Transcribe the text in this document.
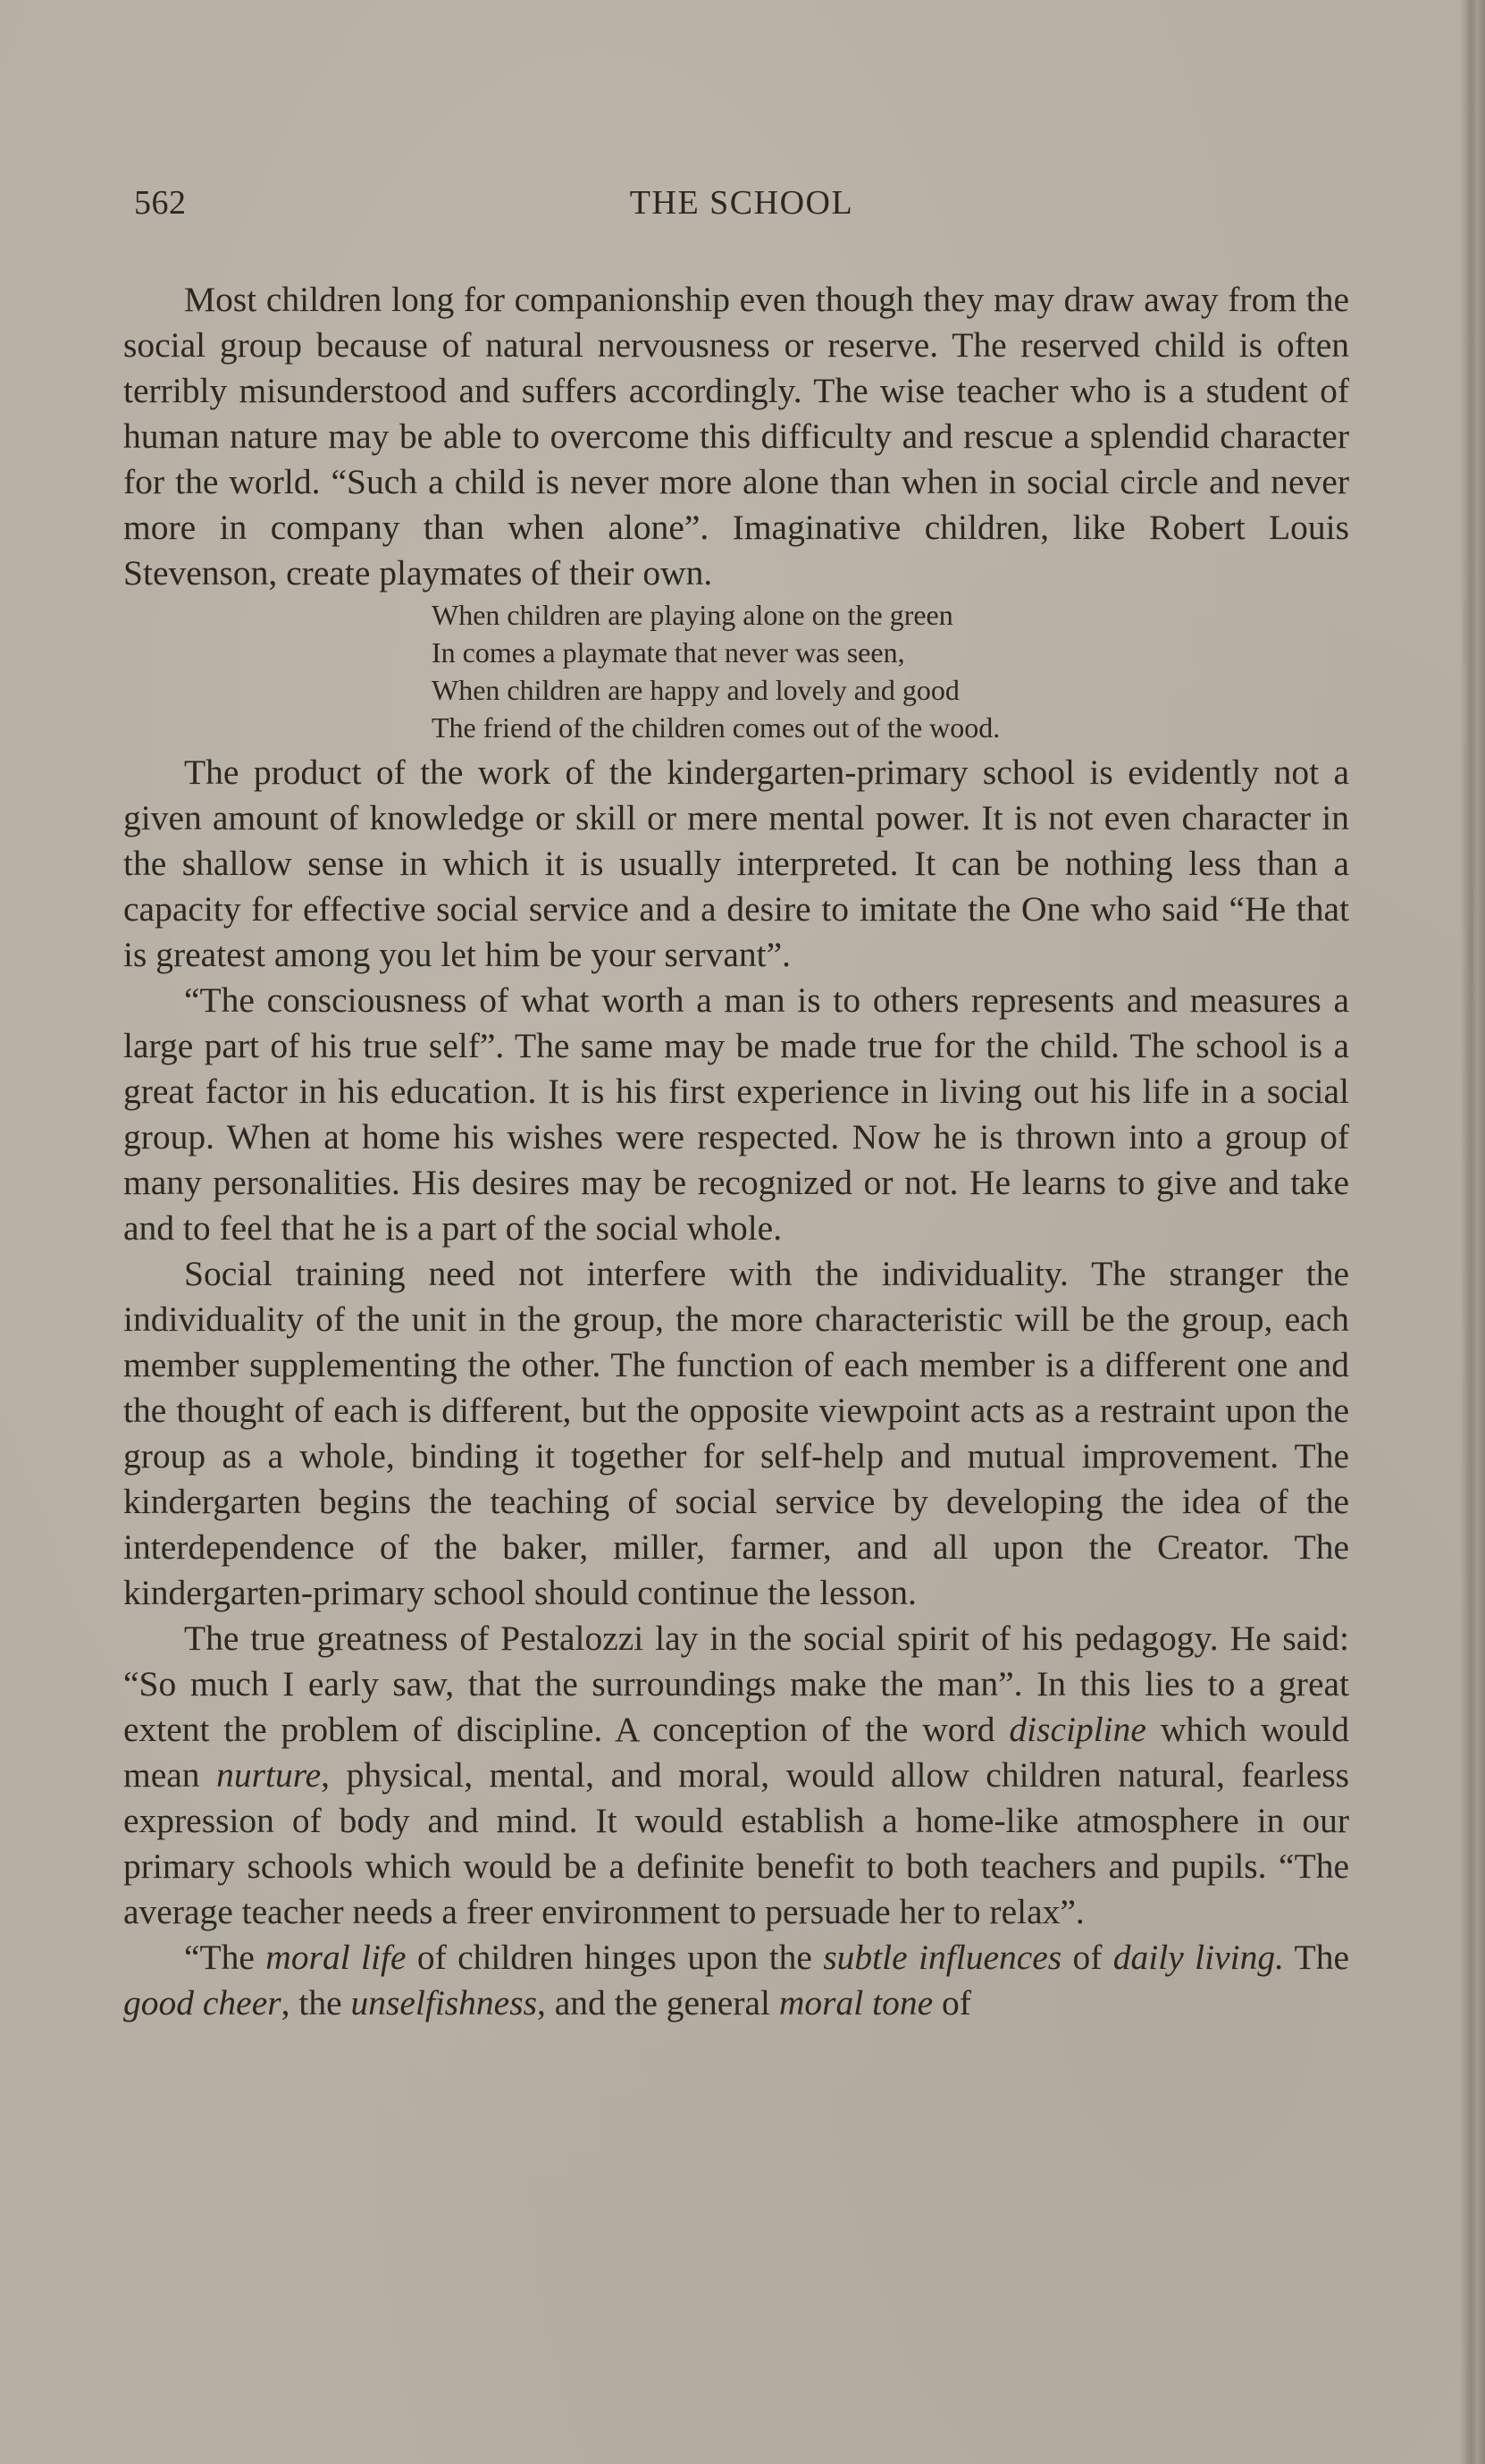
562	THE SCHOOL

Most children long for companionship even though they may draw away from the social group because of natural nervousness or reserve. The reserved child is often terribly misunderstood and suffers accordingly. The wise teacher who is a student of human nature may be able to overcome this difficulty and rescue a splendid character for the world. “Such a child is never more alone than when in social circle and never more in company than when alone”. Imaginative children, like Robert Louis Stevenson, create playmates of their own.

When children are playing alone on the green
In comes a playmate that never was seen,
When children are happy and lovely and good
The friend of the children comes out of the wood.

The product of the work of the kindergarten-primary school is evidently not a given amount of knowledge or skill or mere mental power. It is not even character in the shallow sense in which it is usually interpreted. It can be nothing less than a capacity for effective social service and a desire to imitate the One who said “He that is greatest among you let him be your servant”.

“The consciousness of what worth a man is to others represents and measures a large part of his true self”. The same may be made true for the child. The school is a great factor in his education. It is his first experience in living out his life in a social group. When at home his wishes were respected. Now he is thrown into a group of many personalities. His desires may be recognized or not. He learns to give and take and to feel that he is a part of the social whole.

Social training need not interfere with the individuality. The stranger the individuality of the unit in the group, the more characteristic will be the group, each member supplementing the other. The function of each member is a different one and the thought of each is different, but the opposite viewpoint acts as a restraint upon the group as a whole, binding it together for self-help and mutual improvement. The kindergarten begins the teaching of social service by developing the idea of the interdependence of the baker, miller, farmer, and all upon the Creator. The kindergarten-primary school should continue the lesson.

The true greatness of Pestalozzi lay in the social spirit of his pedagogy. He said: “So much I early saw, that the surroundings make the man”. In this lies to a great extent the problem of discipline. A conception of the word discipline which would mean nurture, physical, mental, and moral, would allow children natural, fearless expression of body and mind. It would establish a home-like atmosphere in our primary schools which would be a definite benefit to both teachers and pupils. “The average teacher needs a freer environment to persuade her to relax”.

“The moral life of children hinges upon the subtle influences of daily living. The good cheer, the unselfishness, and the general moral tone of
